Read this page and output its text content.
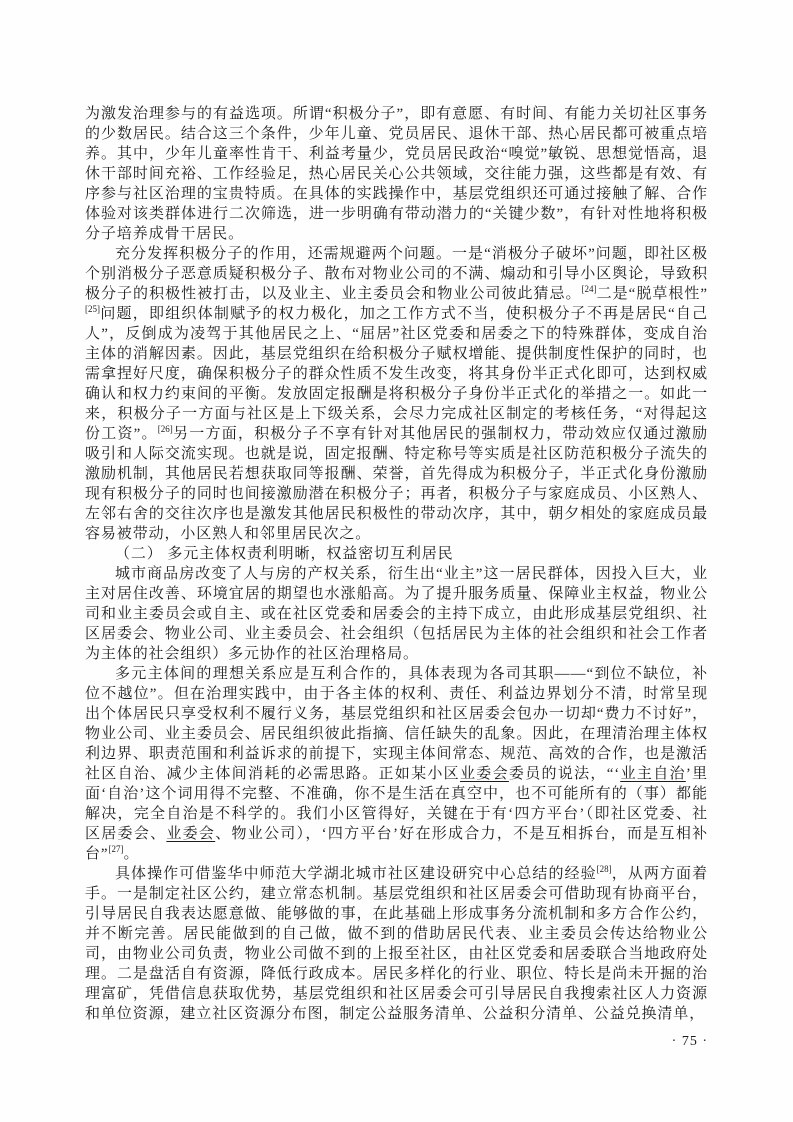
为激发治理参与的有益选项。所谓“积极分子”，即有意愿、有时间、有能力关切社区事务的少数居民。结合这三个条件，少年儿童、党员居民、退休干部、热心居民都可被重点培养。其中，少年儿童率性肯干、利益考量少，党员居民政治“嗅觉”敏锐、思想觉悟高，退休干部时间充裕、工作经验足，热心居民关心公共领域，交往能力强，这些都是有效、有序参与社区治理的宝贵特质。在具体的实践操作中，基层党组织还可通过接触了解、合作体验对该类群体进行二次筛选，进一步明确有带动潜力的“关键少数”，有针对性地将积极分子培养成骨干居民。

充分发挥积极分子的作用，还需规避两个问题。一是“消极分子破坏”问题，即社区极个别消极分子恶意质疑积极分子、散布对物业公司的不满、煽动和引导小区舆论，导致积极分子的积极性被打击，以及业主、业主委员会和物业公司彼此猜忌。[24]二是“脱草根性”[25]问题，即组织体制赋予的权力极化，加之工作方式不当，使积极分子不再是居民“自己人”，反倒成为凌驾于其他居民之上、“屈居”社区党委和居委之下的特殊群体，变成自治主体的消解因素。因此，基层党组织在给积极分子赋权增能、提供制度性保护的同时，也需拿捏好尺度，确保积极分子的群众性质不发生改变，将其身份半正式化即可，达到权威确认和权力约束间的平衡。发放固定报酬是将积极分子身份半正式化的举措之一。如此一来，积极分子一方面与社区是上下级关系，会尽力完成社区制定的考核任务，“对得起这份工资”。[26]另一方面，积极分子不享有针对其他居民的强制权力，带动效应仅通过激励吸引和人际交流实现。也就是说，固定报酬、特定称号等实质是社区防范积极分子流失的激励机制，其他居民若想获取同等报酬、荣誉，首先得成为积极分子，半正式化身份激励现有积极分子的同时也间接激励潜在积极分子；再者，积极分子与家庭成员、小区熟人、左邻右舍的交往次序也是激发其他居民积极性的带动次序，其中，朝夕相处的家庭成员最容易被带动，小区熟人和邻里居民次之。

（二） 多元主体权责利明晰，权益密切互利居民

城市商品房改变了人与房的产权关系，衍生出“业主”这一居民群体，因投入巨大，业主对居住改善、环境宜居的期望也水涨船高。为了提升服务质量、保障业主权益，物业公司和业主委员会或自主、或在社区党委和居委会的主持下成立，由此形成基层党组织、社区居委会、物业公司、业主委员会、社会组织（包括居民为主体的社会组织和社会工作者为主体的社会组织）多元协作的社区治理格局。

多元主体间的理想关系应是互利合作的，具体表现为各司其职——“到位不缺位，补位不越位”。但在治理实践中，由于各主体的权利、责任、利益边界划分不清，时常呈现出个体居民只享受权利不履行义务，基层党组织和社区居委会包办一切却“费力不讨好”，物业公司、业主委员会、居民组织彼此指摘、信任缺失的乱象。因此，在理清治理主体权利边界、职责范围和利益诉求的前提下，实现主体间常态、规范、高效的合作，也是激活社区自治、减少主体间消耗的必需思路。正如某小区业委会委员的说法，“‘业主自治’里面‘自治’这个词用得不完整、不准确，你不是生活在真空中，也不可能所有的（事）都能解决，完全自治是不科学的。我们小区管得好，关键在于有‘四方平台’（即社区党委、社区居委会、业委会、物业公司），‘四方平台’好在形成合力，不是互相拆台，而是互相补台”[27]。

具体操作可借鉴华中师范大学湖北城市社区建设研究中心总结的经验[28]，从两方面着手。一是制定社区公约，建立常态机制。基层党组织和社区居委会可借助现有协商平台，引导居民自我表达愿意做、能够做的事，在此基础上形成事务分流机制和多方合作公约，并不断完善。居民能做到的自己做，做不到的借助居民代表、业主委员会传达给物业公司，由物业公司负责，物业公司做不到的上报至社区，由社区党委和居委联合当地政府处理。二是盘活自有资源，降低行政成本。居民多样化的行业、职位、特长是尚未开掘的治理富矿，凭借信息获取优势，基层党组织和社区居委会可引导居民自我搜索社区人力资源和单位资源，建立社区资源分布图，制定公益服务清单、公益积分清单、公益兑换清单，

· 75 ·
